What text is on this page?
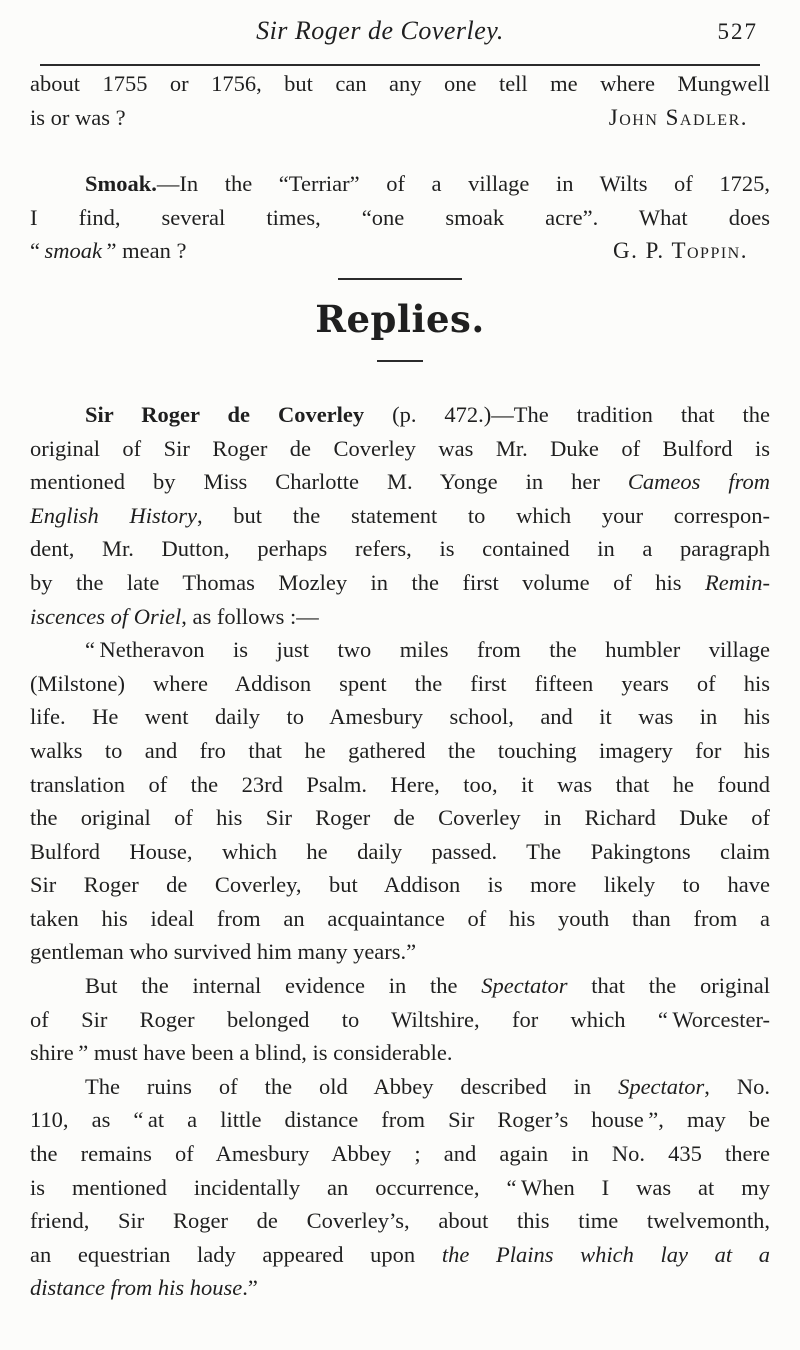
Sir Roger de Coverley.	527
about 1755 or 1756, but can any one tell me where Mungwell
is or was ?	John Sadler.
Smoak.—In the “Terriar” of a village in Wilts of 1725,
I find, several times, “one smoak acre”. What does
“ smoak ” mean ?	G. P. Toppin.
Replies.
Sir Roger de Coverley (p. 472.)—The tradition that the
original of Sir Roger de Coverley was Mr. Duke of Bulford is
mentioned by Miss Charlotte M. Yonge in her Cameos from
English History, but the statement to which your correspon-
dent, Mr. Dutton, perhaps refers, is contained in a paragraph
by the late Thomas Mozley in the first volume of his Remin-
iscences of Oriel, as follows :—
“ Netheravon is just two miles from the humbler village
(Milstone) where Addison spent the first fifteen years of his
life. He went daily to Amesbury school, and it was in his
walks to and fro that he gathered the touching imagery for his
translation of the 23rd Psalm. Here, too, it was that he found
the original of his Sir Roger de Coverley in Richard Duke of
Bulford House, which he daily passed. The Pakingtons claim
Sir Roger de Coverley, but Addison is more likely to have
taken his ideal from an acquaintance of his youth than from a
gentleman who survived him many years.”
But the internal evidence in the Spectator that the original
of Sir Roger belonged to Wiltshire, for which “ Worcester-
shire ” must have been a blind, is considerable.
The ruins of the old Abbey described in Spectator, No.
110, as “ at a little distance from Sir Roger’s house ”, may be
the remains of Amesbury Abbey ; and again in No. 435 there
is mentioned incidentally an occurrence, “ When I was at my
friend, Sir Roger de Coverley’s, about this time twelvemonth,
an equestrian lady appeared upon the Plains which lay at a
distance from his house.”
